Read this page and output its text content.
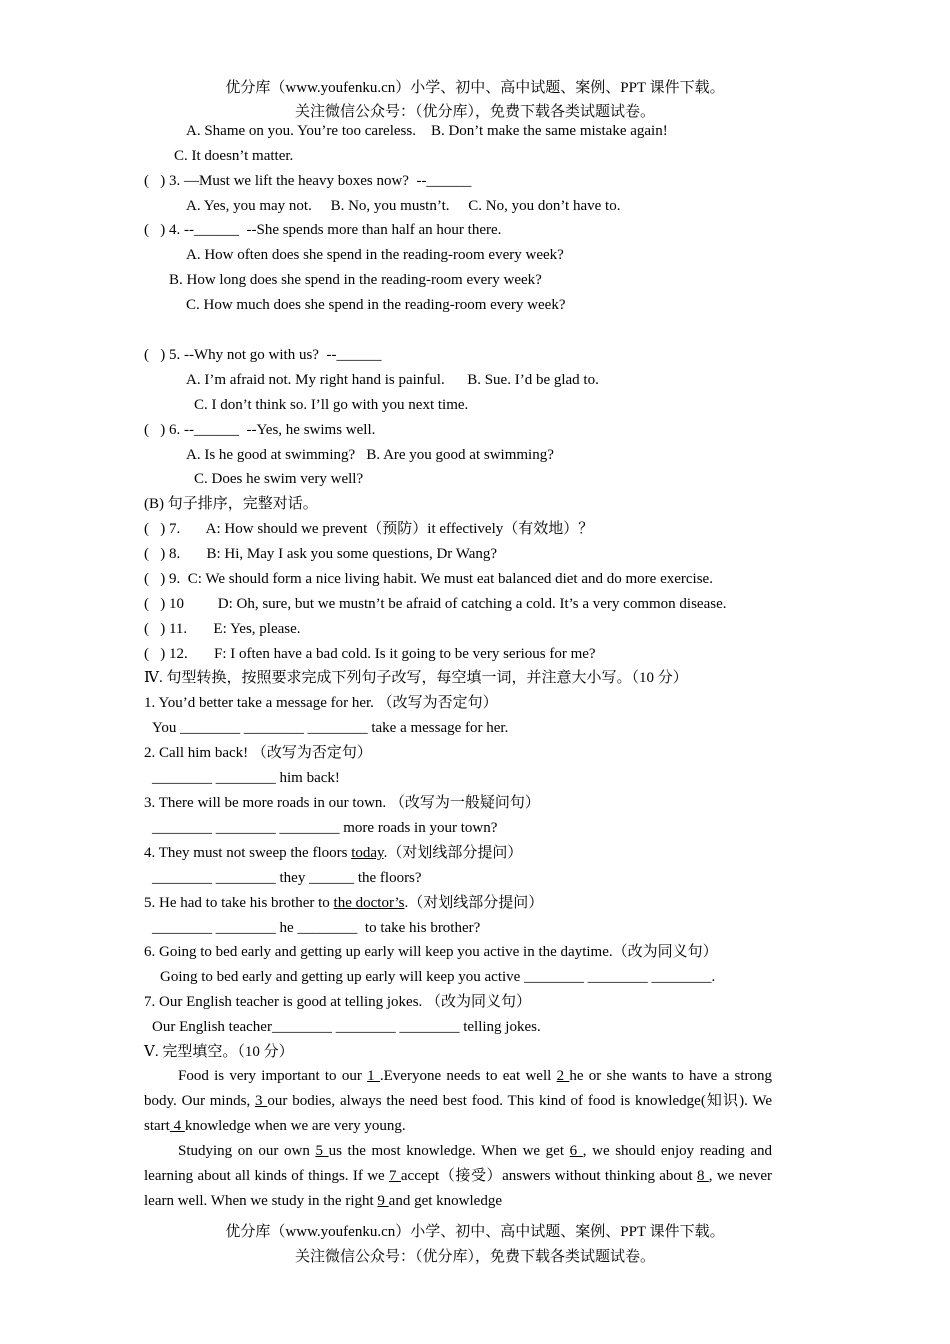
优分库（www.youfenku.cn）小学、初中、高中试题、案例、PPT 课件下载。
关注微信公众号：（优分库），免费下载各类试题试卷。
A. Shame on you. You’re too careless.    B. Don’t make the same mistake again!
C. It doesn’t matter.
(   ) 3. —Must we lift the heavy boxes now?  --______
A. Yes, you may not.     B. No, you mustn’t.     C. No, you don’t have to.
(   ) 4. --______  --She spends more than half an hour there.
A. How often does she spend in the reading-room every week?
B. How long does she spend in the reading-room every week?
C. How much does she spend in the reading-room every week?
(   ) 5. --Why not go with us?  --______
A. I’m afraid not. My right hand is painful.      B. Sue. I’d be glad to.
C. I don’t think so. I’ll go with you next time.
(   ) 6. --______  --Yes, he swims well.
A. Is he good at swimming?   B. Are you good at swimming?
C. Does he swim very well?
(B) 句子排序，完整对话。
(   ) 7.       A: How should we prevent（预防）it effectively（有效地）？
(   ) 8.       B: Hi, May I ask you some questions, Dr Wang?
(   ) 9.  C: We should form a nice living habit. We must eat balanced diet and do more exercise.
(   ) 10         D: Oh, sure, but we mustn’t be afraid of catching a cold. It’s a very common disease.
(   ) 11.       E: Yes, please.
(   ) 12.       F: I often have a bad cold. Is it going to be very serious for me?
Ⅳ. 句型转换，按照要求完成下列句子改写，每空填一词，并注意大小写。（10 分）
1. You’d better take a message for her. （改写为否定句）
You ________ ________ ________ take a message for her.
2. Call him back! （改写为否定句）
________ ________ him back!
3. There will be more roads in our town. （改写为一般疑问句）
________ ________ ________ more roads in your town?
4. They must not sweep the floors today.（对划线部分提问）
________ ________ they ______ the floors?
5. He had to take his brother to the doctor’s.（对划线部分提问）
________ ________ he ________  to take his brother?
6. Going to bed early and getting up early will keep you active in the daytime.（改为同义句）
Going to bed early and getting up early will keep you active ________ ________ ________.
7. Our English teacher is good at telling jokes. （改为同义句）
Our English teacher________ ________ ________ telling jokes.
Ⅴ. 完型填空。（10 分）
Food is very important to our 1 .Everyone needs to eat well 2 he or she wants to have a strong body. Our minds, 3 our bodies, always the need best food. This kind of food is knowledge(知识). We start 4 knowledge when we are very young.
Studying on our own 5 us the most knowledge. When we get 6 , we should enjoy reading and learning about all kinds of things. If we 7 accept（接受）answers without thinking about 8 , we never learn well. When we study in the right 9 and get knowledge
优分库（www.youfenku.cn）小学、初中、高中试题、案例、PPT 课件下载。
关注微信公众号：（优分库），免费下载各类试题试卷。
